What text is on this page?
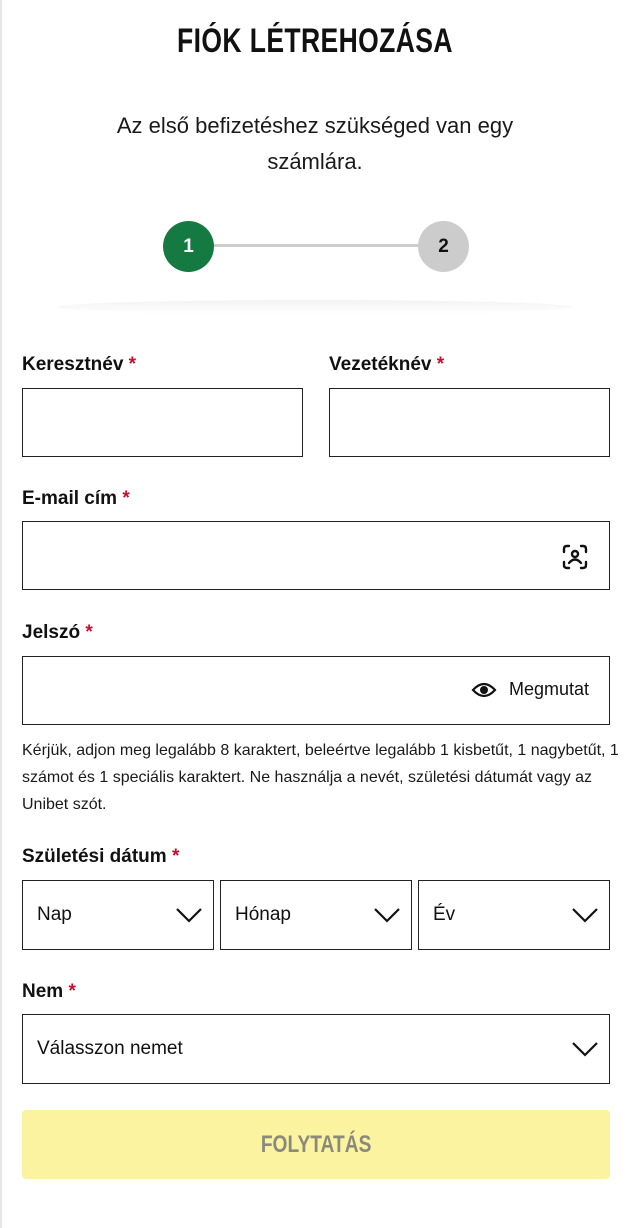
FIÓK LÉTREHOZÁSA
Az első befizetéshez szükséged van egy számlára.
1	2
Keresztnév *	Vezetéknév *
E-mail cím *
Jelszó *
Megmutat
Kérjük, adjon meg legalább 8 karaktert, beleértve legalább 1 kisbetűt, 1 nagybetűt, 1 számot és 1 speciális karaktert. Ne használja a nevét, születési dátumát vagy az Unibet szót.
Születési dátum *
Nap	Hónap	Év
Nem *
Válasszon nemet
FOLYTATÁS
